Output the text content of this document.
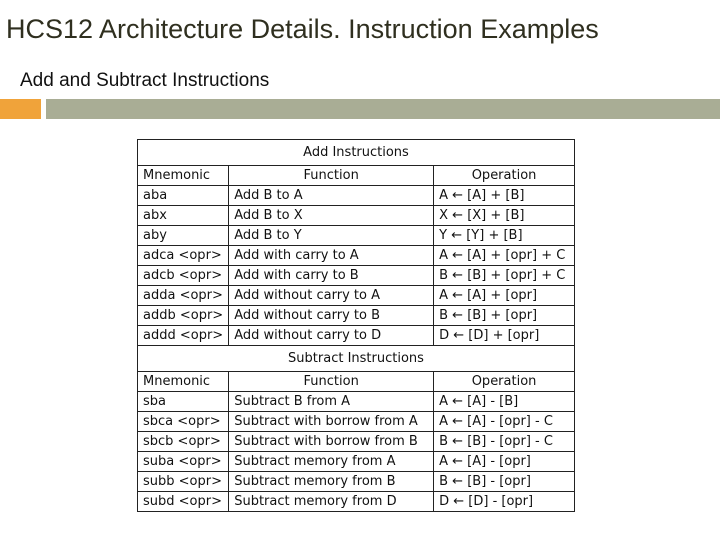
HCS12 Architecture Details. Instruction Examples
Add and Subtract Instructions
Add Instructions		
Mnemonic	Function	Operation
aba	Add B to A	A ← [A] + [B]
abx	Add B to X	X ← [X] + [B]
aby	Add B to Y	Y ← [Y] + [B]
adca <opr>	Add with carry to A	A ← [A] + [opr] + C
adcb <opr>	Add with carry to B	B ← [B] + [opr] + C
adda <opr>	Add without carry to A	A ← [A] + [opr]
addb <opr>	Add without carry to B	B ← [B] + [opr]
addd <opr>	Add without carry to D	D ← [D] + [opr]
Subtract Instructions		
Mnemonic	Function	Operation
sba	Subtract B from A	A ← [A] - [B]
sbca <opr>	Subtract with borrow from A	A ← [A] - [opr] - C
sbcb <opr>	Subtract with borrow from B	B ← [B] - [opr] - C
suba <opr>	Subtract memory from A	A ← [A] - [opr]
subb <opr>	Subtract memory from B	B ← [B] - [opr]
subd <opr>	Subtract memory from D	D ← [D] - [opr]
